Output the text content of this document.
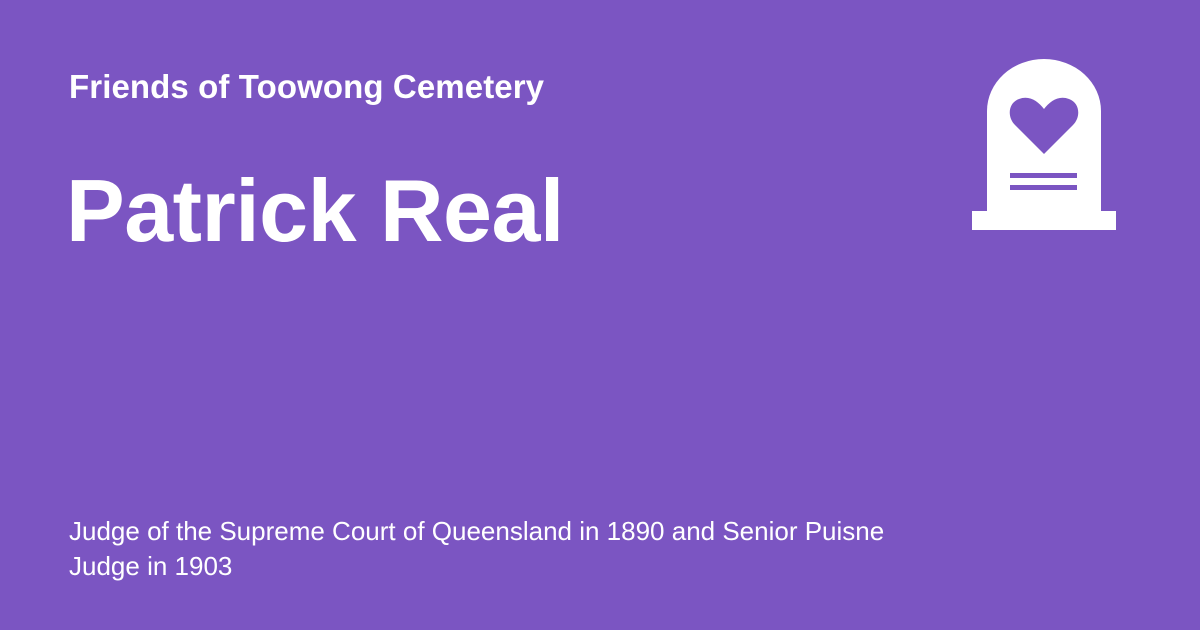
Friends of Toowong Cemetery
Patrick Real

Judge of the Supreme Court of Queensland in 1890 and Senior Puisne Judge in 1903
